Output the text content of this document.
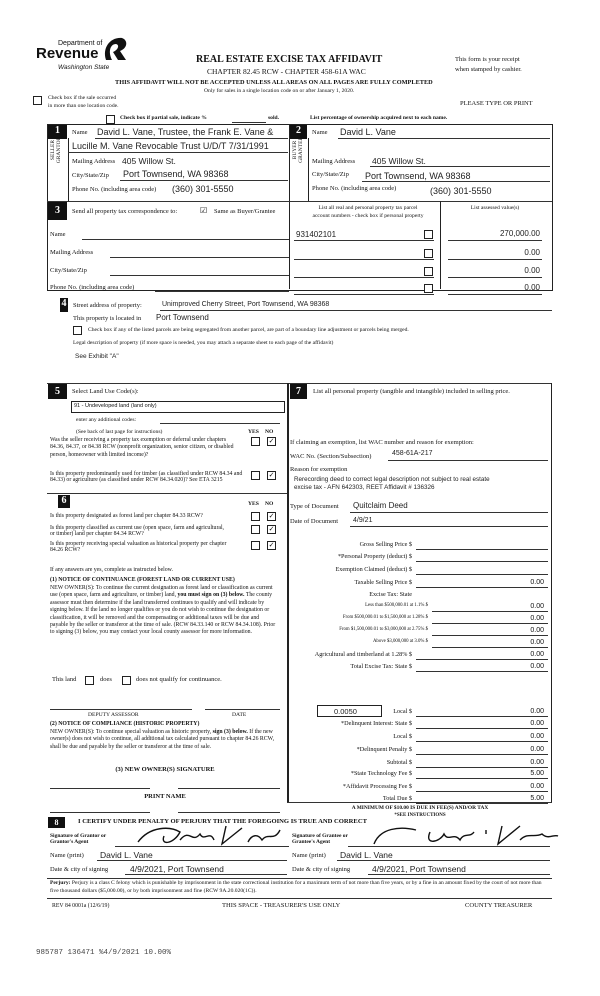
Department of
Revenue
Washington State
REAL ESTATE EXCISE TAX AFFIDAVIT
CHAPTER 82.45 RCW - CHAPTER 458-61A WAC
THIS AFFIDAVIT WILL NOT BE ACCEPTED UNLESS ALL AREAS ON ALL PAGES ARE FULLY COMPLETED
Only for sales in a single location code on or after January 1, 2020.
This form is your receipt
when stamped by cashier.
Check box if the sale occurred
in more than one location code.	PLEASE TYPE OR PRINT
Check box if partial sale, indicate %	sold.	List percentage of ownership acquired next to each name.
1
SELLER GRANTOR
Name David L. Vane, Trustee, the Frank E. Vane &
Lucille M. Vane Revocable Trust U/D/T 7/31/1991
Mailing Address 405 Willow St.
City/State/Zip Port Townsend, WA 98368
Phone No. (including area code) (360) 301-5550
2
BUYER GRANTEE
Name David L. Vane
Mailing Address 405 Willow St.
City/State/Zip Port Townsend, WA 98368
Phone No. (including area code)	(360) 301-5550
3	Send all property tax correspondence to:	☑ Same as Buyer/Grantee
Name
Mailing Address
City/State/Zip
Phone No. (including area code)
List all real and personal property tax parcel
account numbers - check box if personal property
List assessed value(s)
931402101	270,000.00
0.00
0.00
0.00
4 Street address of property:	Unimproved Cherry Street, Port Townsend, WA 98368
This property is located in Port Townsend
Check box if any of the listed parcels are being segregated from another parcel, are part of a boundary line adjustment or parcels being merged.
Legal description of property (if more space is needed, you may attach a separate sheet to each page of the affidavit)
See Exhibit "A"
5	Select Land Use Code(s):
91 - Undeveloped land (land only)
enter any additional codes:
(See back of last page for instructions)	YES NO
Was the seller receiving a property tax exemption or deferral under chapters 84.36, 84.37, or 84.38 RCW (nonprofit organization, senior citizen, or disabled person, homeowner with limited income)?
✓
Is this property predominantly used for timber (as classified under RCW 84.34 and 84.33) or agriculture (as classified under RCW 84.34.020)? See ETA 3215
✓
6	YES NO
Is this property designated as forest land per chapter 84.33 RCW?	✓
Is this property classified as current use (open space, farm and agricultural, or timber) land per chapter 84.34 RCW?
✓
Is this property receiving special valuation as historical property per chapter 84.26 RCW?
✓
If any answers are yes, complete as instructed below.
(1) NOTICE OF CONTINUANCE (FOREST LAND OR CURRENT USE)
NEW OWNER(S): To continue the current designation as forest land or classification as current use (open space, farm and agriculture, or timber) land, you must sign on (3) below. The county assessor must then determine if the land transferred continues to qualify and will indicate by signing below. If the land no longer qualifies or you do not wish to continue the designation or classification, it will be removed and the compensating or additional taxes will be due and payable by the seller or transferor at the time of sale. (RCW 84.33.140 or RCW 84.34.108). Prior to signing (3) below, you may contact your local county assessor for more information.
This land	does	does not qualify for continuance.
DEPUTY ASSESSOR	DATE
(2) NOTICE OF COMPLIANCE (HISTORIC PROPERTY)
NEW OWNER(S): To continue special valuation as historic property, sign (3) below. If the new owner(s) does not wish to continue, all additional tax calculated pursuant to chapter 84.26 RCW, shall be due and payable by the seller or transferor at the time of sale.
(3) NEW OWNER(S) SIGNATURE
PRINT NAME
7	List all personal property (tangible and intangible) included in selling price.
If claiming an exemption, list WAC number and reason for exemption:
WAC No. (Section/Subsection)	458-61A-217
Reason for exemption
Rerecording deed to correct legal description not subject to real estate
excise tax - AFN 642303, REET Affidavit # 136326
Type of Document Quitclaim Deed
Date of Document 4/9/21
Gross Selling Price $
*Personal Property (deduct) $
Exemption Claimed (deduct) $
Taxable Selling Price $	0.00
Excise Tax: State
Less than $500,000.01 at 1.1% $	0.00
From $500,000.01 to $1,500,000 at 1.28% $	0.00
From $1,500,000.01 to $3,000,000 at 2.75% $	0.00
Above $3,000,000 at 3.0% $	0.00
Agricultural and timberland at 1.28% $	0.00
Total Excise Tax: State $	0.00
Local $	0.00
*Delinquent Interest: State $	0.00
Local $	0.00
*Delinquent Penalty $	0.00
Subtotal $	0.00
*State Technology Fee $	5.00
*Affidavit Processing Fee $	0.00
Total Due $	5.00
0.0050
A MINIMUM OF $10.00 IS DUE IN FEE(S) AND/OR TAX
*SEE INSTRUCTIONS
8	I CERTIFY UNDER PENALTY OF PERJURY THAT THE FOREGOING IS TRUE AND CORRECT
Signature of Grantor or Grantor's Agent
Signature of Grantee or Grantee's Agent
Name (print) David L. Vane	Name (print) David L. Vane
Date & city of signing	4/9/2021, Port Townsend	Date & city of signing	4/9/2021, Port Townsend
Perjury: Perjury is a class C felony which is punishable by imprisonment in the state correctional institution for a maximum term of not more than five years, or by a fine in an amount fixed by the court of not more than five thousand dollars ($5,000.00), or by both imprisonment and fine (RCW 9A.20.020(1C)).
REV 84 0001a (12/6/19)	THIS SPACE - TREASURER'S USE ONLY	COUNTY TREASURER
985787 136471 %4/9/2021 10.00%
